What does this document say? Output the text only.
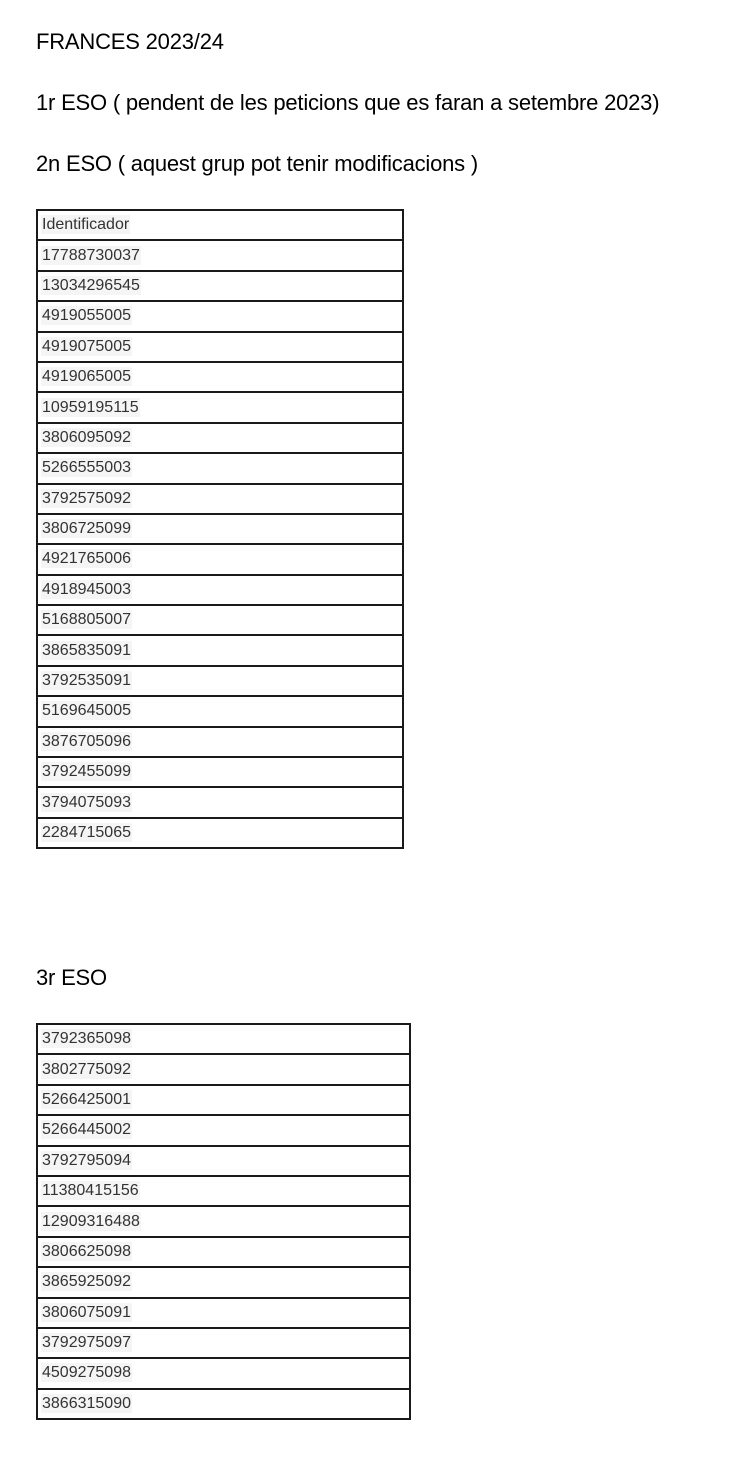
FRANCES 2023/24
1r ESO ( pendent de les peticions que es faran a setembre 2023)
2n ESO ( aquest grup pot tenir modificacions )
Identificador
17788730037
13034296545
4919055005
4919075005
4919065005
10959195115
3806095092
5266555003
3792575092
3806725099
4921765006
4918945003
5168805007
3865835091
3792535091
5169645005
3876705096
3792455099
3794075093
2284715065
3r ESO
3792365098
3802775092
5266425001
5266445002
3792795094
11380415156
12909316488
3806625098
3865925092
3806075091
3792975097
4509275098
3866315090
